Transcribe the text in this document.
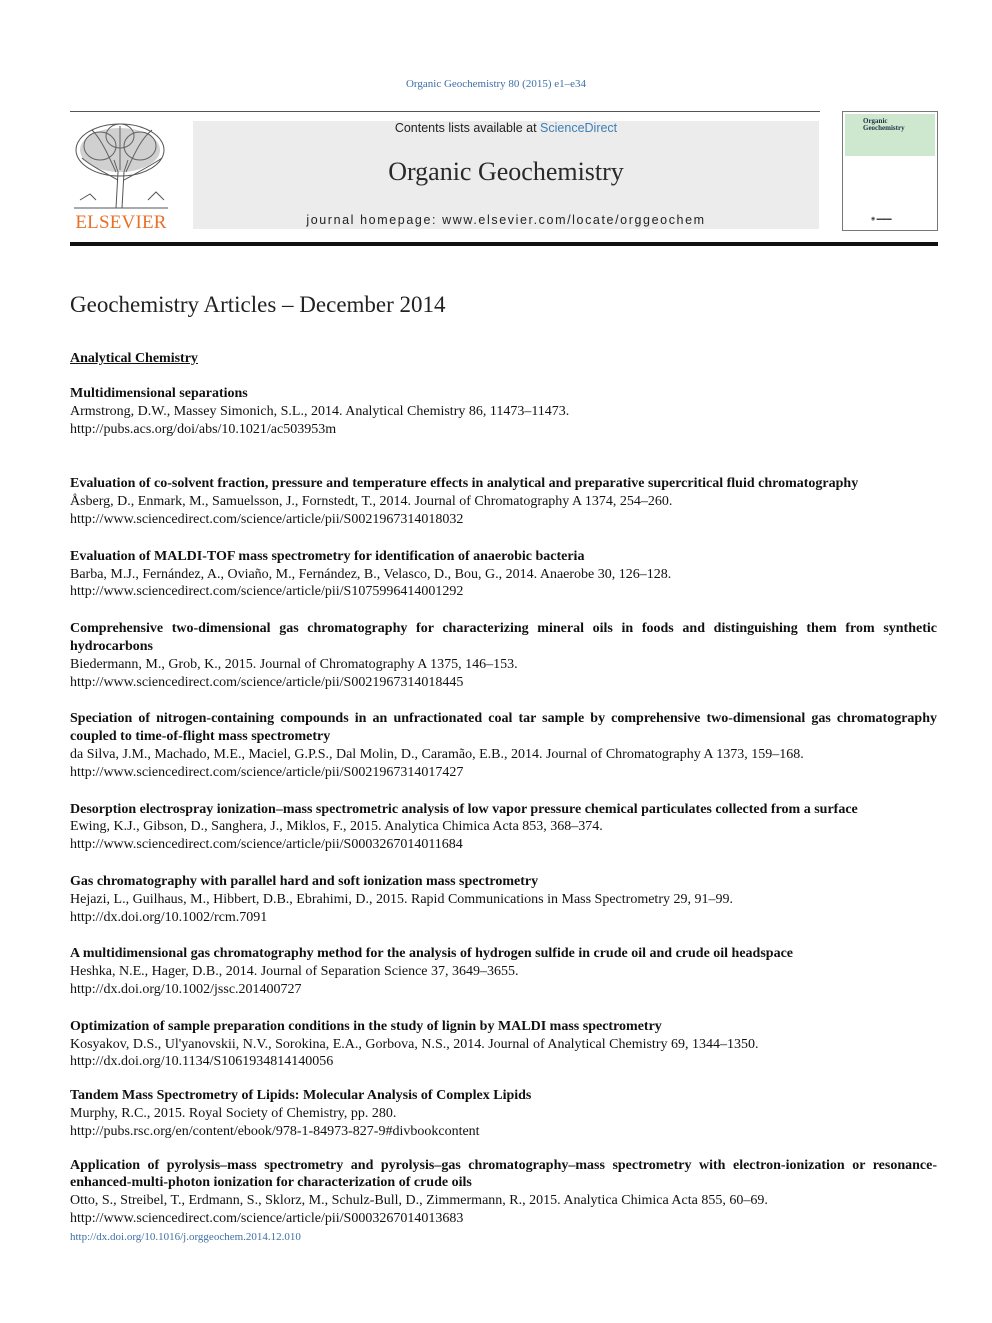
Organic Geochemistry 80 (2015) e1–e34
ELSEVIER
Contents lists available at ScienceDirect
Organic Geochemistry
journal homepage: www.elsevier.com/locate/orggeochem
Organic
Geochemistry
◉ ▬▬▬
Geochemistry Articles – December 2014
Analytical Chemistry
Multidimensional separations
Armstrong, D.W., Massey Simonich, S.L., 2014. Analytical Chemistry 86, 11473–11473.
http://pubs.acs.org/doi/abs/10.1021/ac503953m
Evaluation of co-solvent fraction, pressure and temperature effects in analytical and preparative supercritical fluid chromatography
Åsberg, D., Enmark, M., Samuelsson, J., Fornstedt, T., 2014. Journal of Chromatography A 1374, 254–260.
http://www.sciencedirect.com/science/article/pii/S0021967314018032
Evaluation of MALDI-TOF mass spectrometry for identification of anaerobic bacteria
Barba, M.J., Fernández, A., Oviaño, M., Fernández, B., Velasco, D., Bou, G., 2014. Anaerobe 30, 126–128.
http://www.sciencedirect.com/science/article/pii/S1075996414001292
Comprehensive two-dimensional gas chromatography for characterizing mineral oils in foods and distinguishing them from synthetic hydrocarbons
Biedermann, M., Grob, K., 2015. Journal of Chromatography A 1375, 146–153.
http://www.sciencedirect.com/science/article/pii/S0021967314018445
Speciation of nitrogen-containing compounds in an unfractionated coal tar sample by comprehensive two-dimensional gas chromatography coupled to time-of-flight mass spectrometry
da Silva, J.M., Machado, M.E., Maciel, G.P.S., Dal Molin, D., Caramão, E.B., 2014. Journal of Chromatography A 1373, 159–168.
http://www.sciencedirect.com/science/article/pii/S0021967314017427
Desorption electrospray ionization–mass spectrometric analysis of low vapor pressure chemical particulates collected from a surface
Ewing, K.J., Gibson, D., Sanghera, J., Miklos, F., 2015. Analytica Chimica Acta 853, 368–374.
http://www.sciencedirect.com/science/article/pii/S0003267014011684
Gas chromatography with parallel hard and soft ionization mass spectrometry
Hejazi, L., Guilhaus, M., Hibbert, D.B., Ebrahimi, D., 2015. Rapid Communications in Mass Spectrometry 29, 91–99.
http://dx.doi.org/10.1002/rcm.7091
A multidimensional gas chromatography method for the analysis of hydrogen sulfide in crude oil and crude oil headspace
Heshka, N.E., Hager, D.B., 2014. Journal of Separation Science 37, 3649–3655.
http://dx.doi.org/10.1002/jssc.201400727
Optimization of sample preparation conditions in the study of lignin by MALDI mass spectrometry
Kosyakov, D.S., Ul'yanovskii, N.V., Sorokina, E.A., Gorbova, N.S., 2014. Journal of Analytical Chemistry 69, 1344–1350.
http://dx.doi.org/10.1134/S1061934814140056
Tandem Mass Spectrometry of Lipids: Molecular Analysis of Complex Lipids
Murphy, R.C., 2015. Royal Society of Chemistry, pp. 280.
http://pubs.rsc.org/en/content/ebook/978-1-84973-827-9#divbookcontent
Application of pyrolysis–mass spectrometry and pyrolysis–gas chromatography–mass spectrometry with electron-ionization or resonance-enhanced-multi-photon ionization for characterization of crude oils
Otto, S., Streibel, T., Erdmann, S., Sklorz, M., Schulz-Bull, D., Zimmermann, R., 2015. Analytica Chimica Acta 855, 60–69.
http://www.sciencedirect.com/science/article/pii/S0003267014013683
http://dx.doi.org/10.1016/j.orggeochem.2014.12.010
